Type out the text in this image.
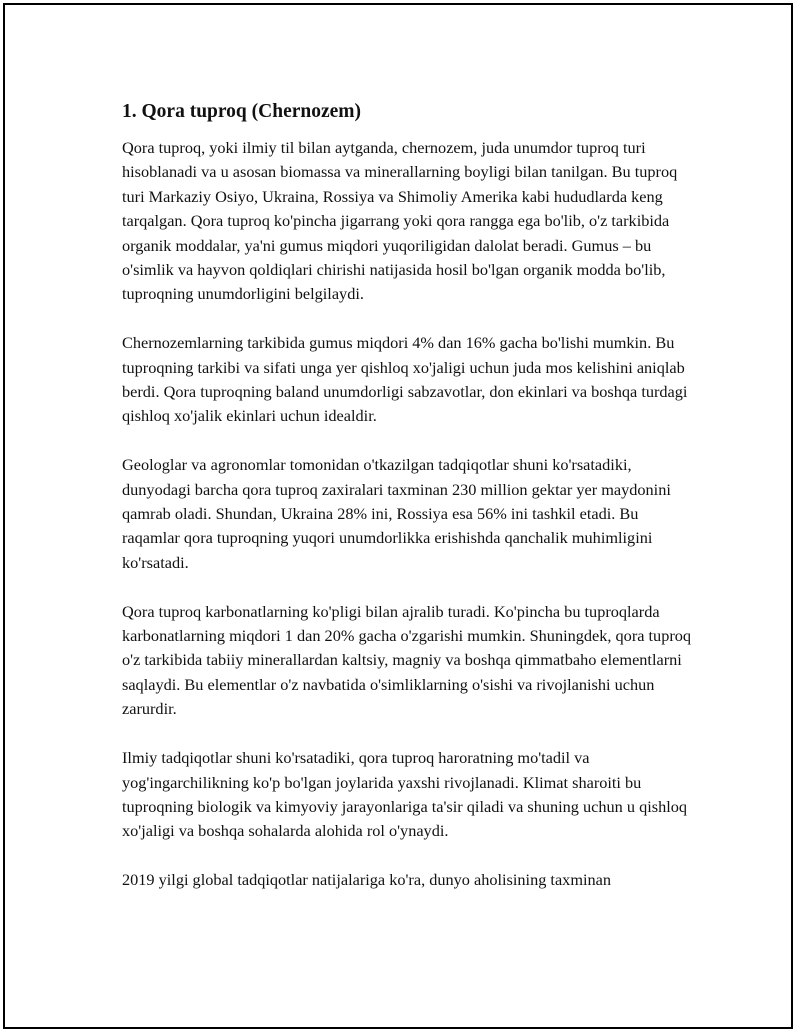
1. Qora tuproq (Chernozem)

Qora tuproq, yoki ilmiy til bilan aytganda, chernozem, juda unumdor tuproq turi hisoblanadi va u asosan biomassa va minerallarning boyligi bilan tanilgan. Bu tuproq turi Markaziy Osiyo, Ukraina, Rossiya va Shimoliy Amerika kabi hududlarda keng tarqalgan. Qora tuproq ko'pincha jigarrang yoki qora rangga ega bo'lib, o'z tarkibida organik moddalar, ya'ni gumus miqdori yuqoriligidan dalolat beradi. Gumus – bu o'simlik va hayvon qoldiqlari chirishi natijasida hosil bo'lgan organik modda bo'lib, tuproqning unumdorligini belgilaydi.

Chernozemlarning tarkibida gumus miqdori 4% dan 16% gacha bo'lishi mumkin. Bu tuproqning tarkibi va sifati unga yer qishloq xo'jaligi uchun juda mos kelishini aniqlab berdi. Qora tuproqning baland unumdorligi sabzavotlar, don ekinlari va boshqa turdagi qishloq xo'jalik ekinlari uchun idealdir.

Geologlar va agronomlar tomonidan o'tkazilgan tadqiqotlar shuni ko'rsatadiki, dunyodagi barcha qora tuproq zaxiralari taxminan 230 million gektar yer maydonini qamrab oladi. Shundan, Ukraina 28% ini, Rossiya esa 56% ini tashkil etadi. Bu raqamlar qora tuproqning yuqori unumdorlikka erishishda qanchalik muhimligini ko'rsatadi.

Qora tuproq karbonatlarning ko'pligi bilan ajralib turadi. Ko'pincha bu tuproqlarda karbonatlarning miqdori 1 dan 20% gacha o'zgarishi mumkin. Shuningdek, qora tuproq o'z tarkibida tabiiy minerallardan kaltsiy, magniy va boshqa qimmatbaho elementlarni saqlaydi. Bu elementlar o'z navbatida o'simliklarning o'sishi va rivojlanishi uchun zarurdir.

Ilmiy tadqiqotlar shuni ko'rsatadiki, qora tuproq haroratning mo'tadil va yog'ingarchilikning ko'p bo'lgan joylarida yaxshi rivojlanadi. Klimat sharoiti bu tuproqning biologik va kimyoviy jarayonlariga ta'sir qiladi va shuning uchun u qishloq xo'jaligi va boshqa sohalarda alohida rol o'ynaydi.

2019 yilgi global tadqiqotlar natijalariga ko'ra, dunyo aholisining taxminan
